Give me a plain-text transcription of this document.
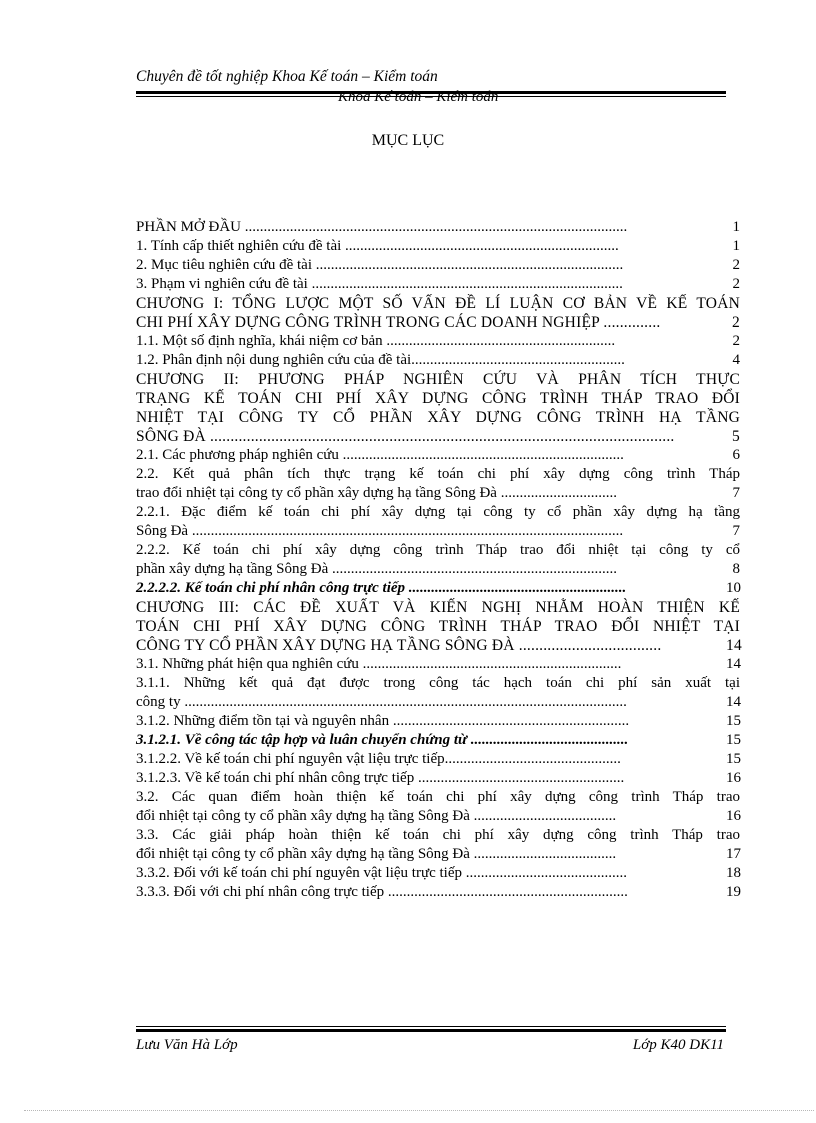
Chuyên đề tốt nghiệp Khoa Kế toán – Kiểm toán
Khoa Kế toán – Kiểm toán
MỤC LỤC
PHẦN MỞ ĐẦU ......................................................................................................	1
1. Tính cấp thiết nghiên cứu đề tài .........................................................................	1
2. Mục tiêu nghiên cứu đề tài ..................................................................................	2
3. Phạm vi nghiên cứu đề tài ...................................................................................	2
CHƯƠNG I: TỔNG LƯỢC MỘT SỐ VẤN ĐỀ LÍ LUẬN CƠ BẢN VỀ KẾ TOÁN
CHI PHÍ XÂY DỰNG CÔNG TRÌNH TRONG CÁC DOANH NGHIỆP ..............	2
1.1. Một số định nghĩa, khái niệm cơ bản .............................................................	2
1.2. Phân định nội dung nghiên cứu của đề tài.........................................................	4
CHƯƠNG II: PHƯƠNG PHÁP NGHIÊN CỨU VÀ PHÂN TÍCH THỰC
TRẠNG KẾ TOÁN CHI PHÍ XÂY DỰNG CÔNG TRÌNH THÁP TRAO ĐỔI
NHIỆT TẠI CÔNG TY CỔ PHẦN XÂY DỰNG CÔNG TRÌNH HẠ TẦNG
SÔNG ĐÀ ..................................................................................................................	5
2.1. Các phương pháp nghiên cứu ...........................................................................	6
2.2. Kết quả phân tích thực trạng kế toán chi phí xây dựng công trình Tháp
trao đổi nhiệt tại công ty cổ phần xây dựng hạ tầng Sông Đà ...............................	7
2.2.1. Đặc điểm kế toán chi phí xây dựng tại công ty cổ phần xây dựng hạ tầng
Sông Đà ...................................................................................................................	7
2.2.2. Kế toán chi phí xây dựng công trình Tháp trao đổi nhiệt tại công ty cổ
phần xây dựng hạ tầng Sông Đà ............................................................................	8
2.2.2.2. Kế toán chi phí nhân công trực tiếp ..........................................................	10
CHƯƠNG III: CÁC ĐỀ XUẤT VÀ KIẾN NGHỊ NHẰM HOÀN THIỆN KẾ
TOÁN CHI PHÍ XÂY DỰNG CÔNG TRÌNH THÁP TRAO ĐỔI NHIỆT TẠI
CÔNG TY CỔ PHẦN XÂY DỰNG HẠ TẦNG SÔNG ĐÀ ...................................	14
3.1. Những phát hiện qua nghiên cứu .....................................................................	14
3.1.1. Những kết quả đạt được trong công tác hạch toán chi phí sản xuất tại
công ty ......................................................................................................................	14
3.1.2. Những điểm tồn tại và nguyên nhân ...............................................................	15
3.1.2.1. Về công tác tập hợp và luân chuyển chứng từ ..........................................	15
3.1.2.2. Về kế toán chi phí nguyên vật liệu trực tiếp...............................................	15
3.1.2.3. Về kế toán chi phí nhân công trực tiếp .......................................................	16
3.2. Các quan điểm hoàn thiện kế toán chi phí xây dựng công trình Tháp trao
đổi nhiệt tại công ty cổ phần xây dựng hạ tầng Sông Đà ......................................	16
3.3. Các giải pháp hoàn thiện kế toán chi phí xây dựng công trình Tháp trao
đổi nhiệt tại công ty cổ phần xây dựng hạ tầng Sông Đà ......................................	17
3.3.2. Đối với kế toán chi phí nguyên vật liệu trực tiếp ...........................................	18
3.3.3. Đối với chi phí nhân công trực tiếp ................................................................	19
Lưu Văn Hà Lớp	Lớp K40 DK11
